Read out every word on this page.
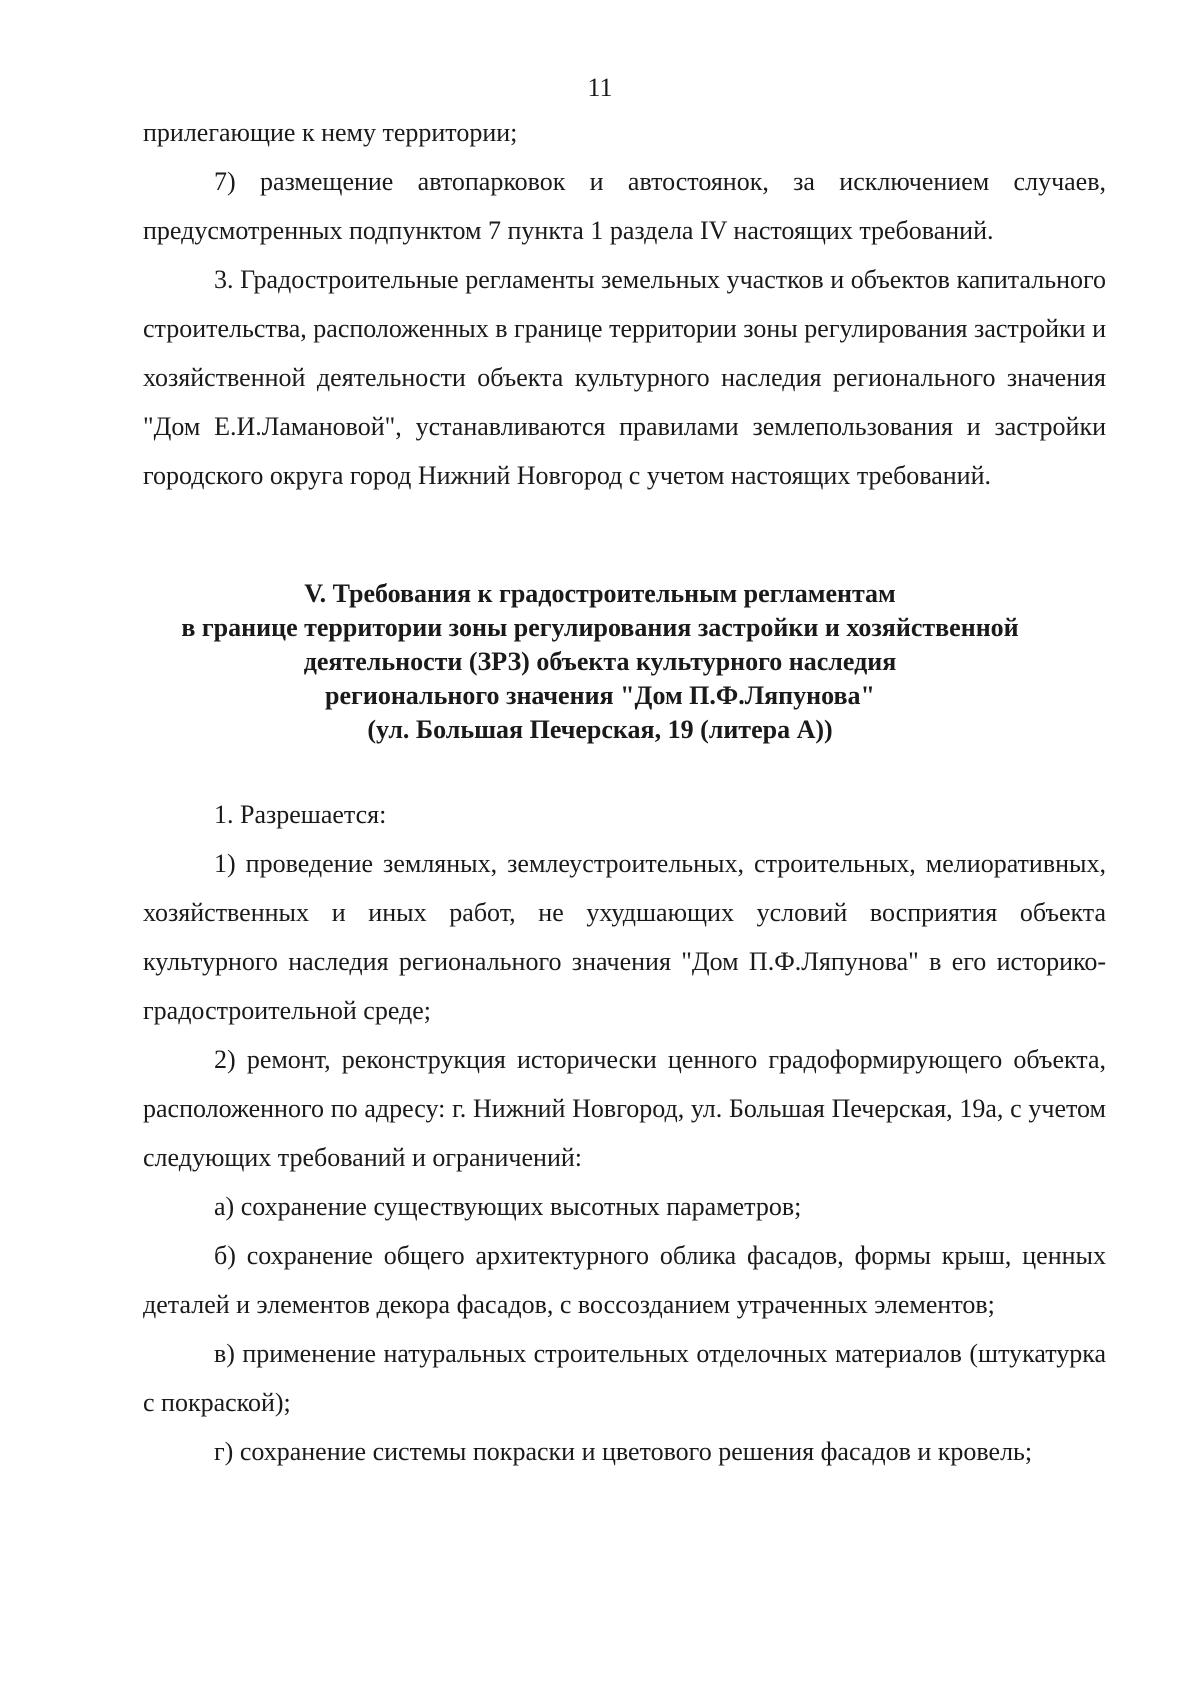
11

прилегающие к нему территории;

7) размещение автопарковок и автостоянок, за исключением случаев, предусмотренных подпунктом 7 пункта 1 раздела IV настоящих требований.

3. Градостроительные регламенты земельных участков и объектов капитального строительства, расположенных в границе территории зоны регулирования застройки и хозяйственной деятельности объекта культурного наследия регионального значения "Дом Е.И.Ламановой", устанавливаются правилами землепользования и застройки городского округа город Нижний Новгород с учетом настоящих требований.

V. Требования к градостроительным регламентам
в границе территории зоны регулирования застройки и хозяйственной
деятельности (ЗРЗ) объекта культурного наследия
регионального значения "Дом П.Ф.Ляпунова"
(ул. Большая Печерская, 19 (литера А))

1. Разрешается:

1) проведение земляных, землеустроительных, строительных, мелиоративных, хозяйственных и иных работ, не ухудшающих условий восприятия объекта культурного наследия регионального значения "Дом П.Ф.Ляпунова" в его историко-градостроительной среде;

2) ремонт, реконструкция исторически ценного градоформирующего объекта, расположенного по адресу: г. Нижний Новгород, ул. Большая Печерская, 19а, с учетом следующих требований и ограничений:

а) сохранение существующих высотных параметров;

б) сохранение общего архитектурного облика фасадов, формы крыш, ценных деталей и элементов декора фасадов, с воссозданием утраченных элементов;

в) применение натуральных строительных отделочных материалов (штукатурка с покраской);

г) сохранение системы покраски и цветового решения фасадов и кровель;
